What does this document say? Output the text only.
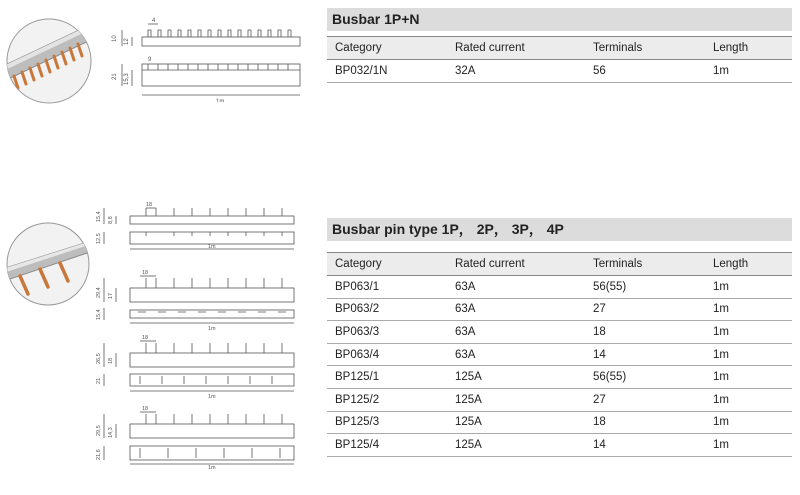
4
10 12
9
21 15,3
1m
Busbar 1P+N
Category	Rated current	Terminals	Length
BP032/1N	32A	56	1m
18
15,4 8,8
12,5
1m
18
29,4 17
15,4
1m
18
26,5 18
21
1m
18
29,5 14,3
21,6
1m
Busbar pin type 1P， 2P， 3P， 4P
Category	Rated current	Terminals	Length
BP063/1	63A	56(55)	1m
BP063/2	63A	27	1m
BP063/3	63A	18	1m
BP063/4	63A	14	1m
BP125/1	125A	56(55)	1m
BP125/2	125A	27	1m
BP125/3	125A	18	1m
BP125/4	125A	14	1m
